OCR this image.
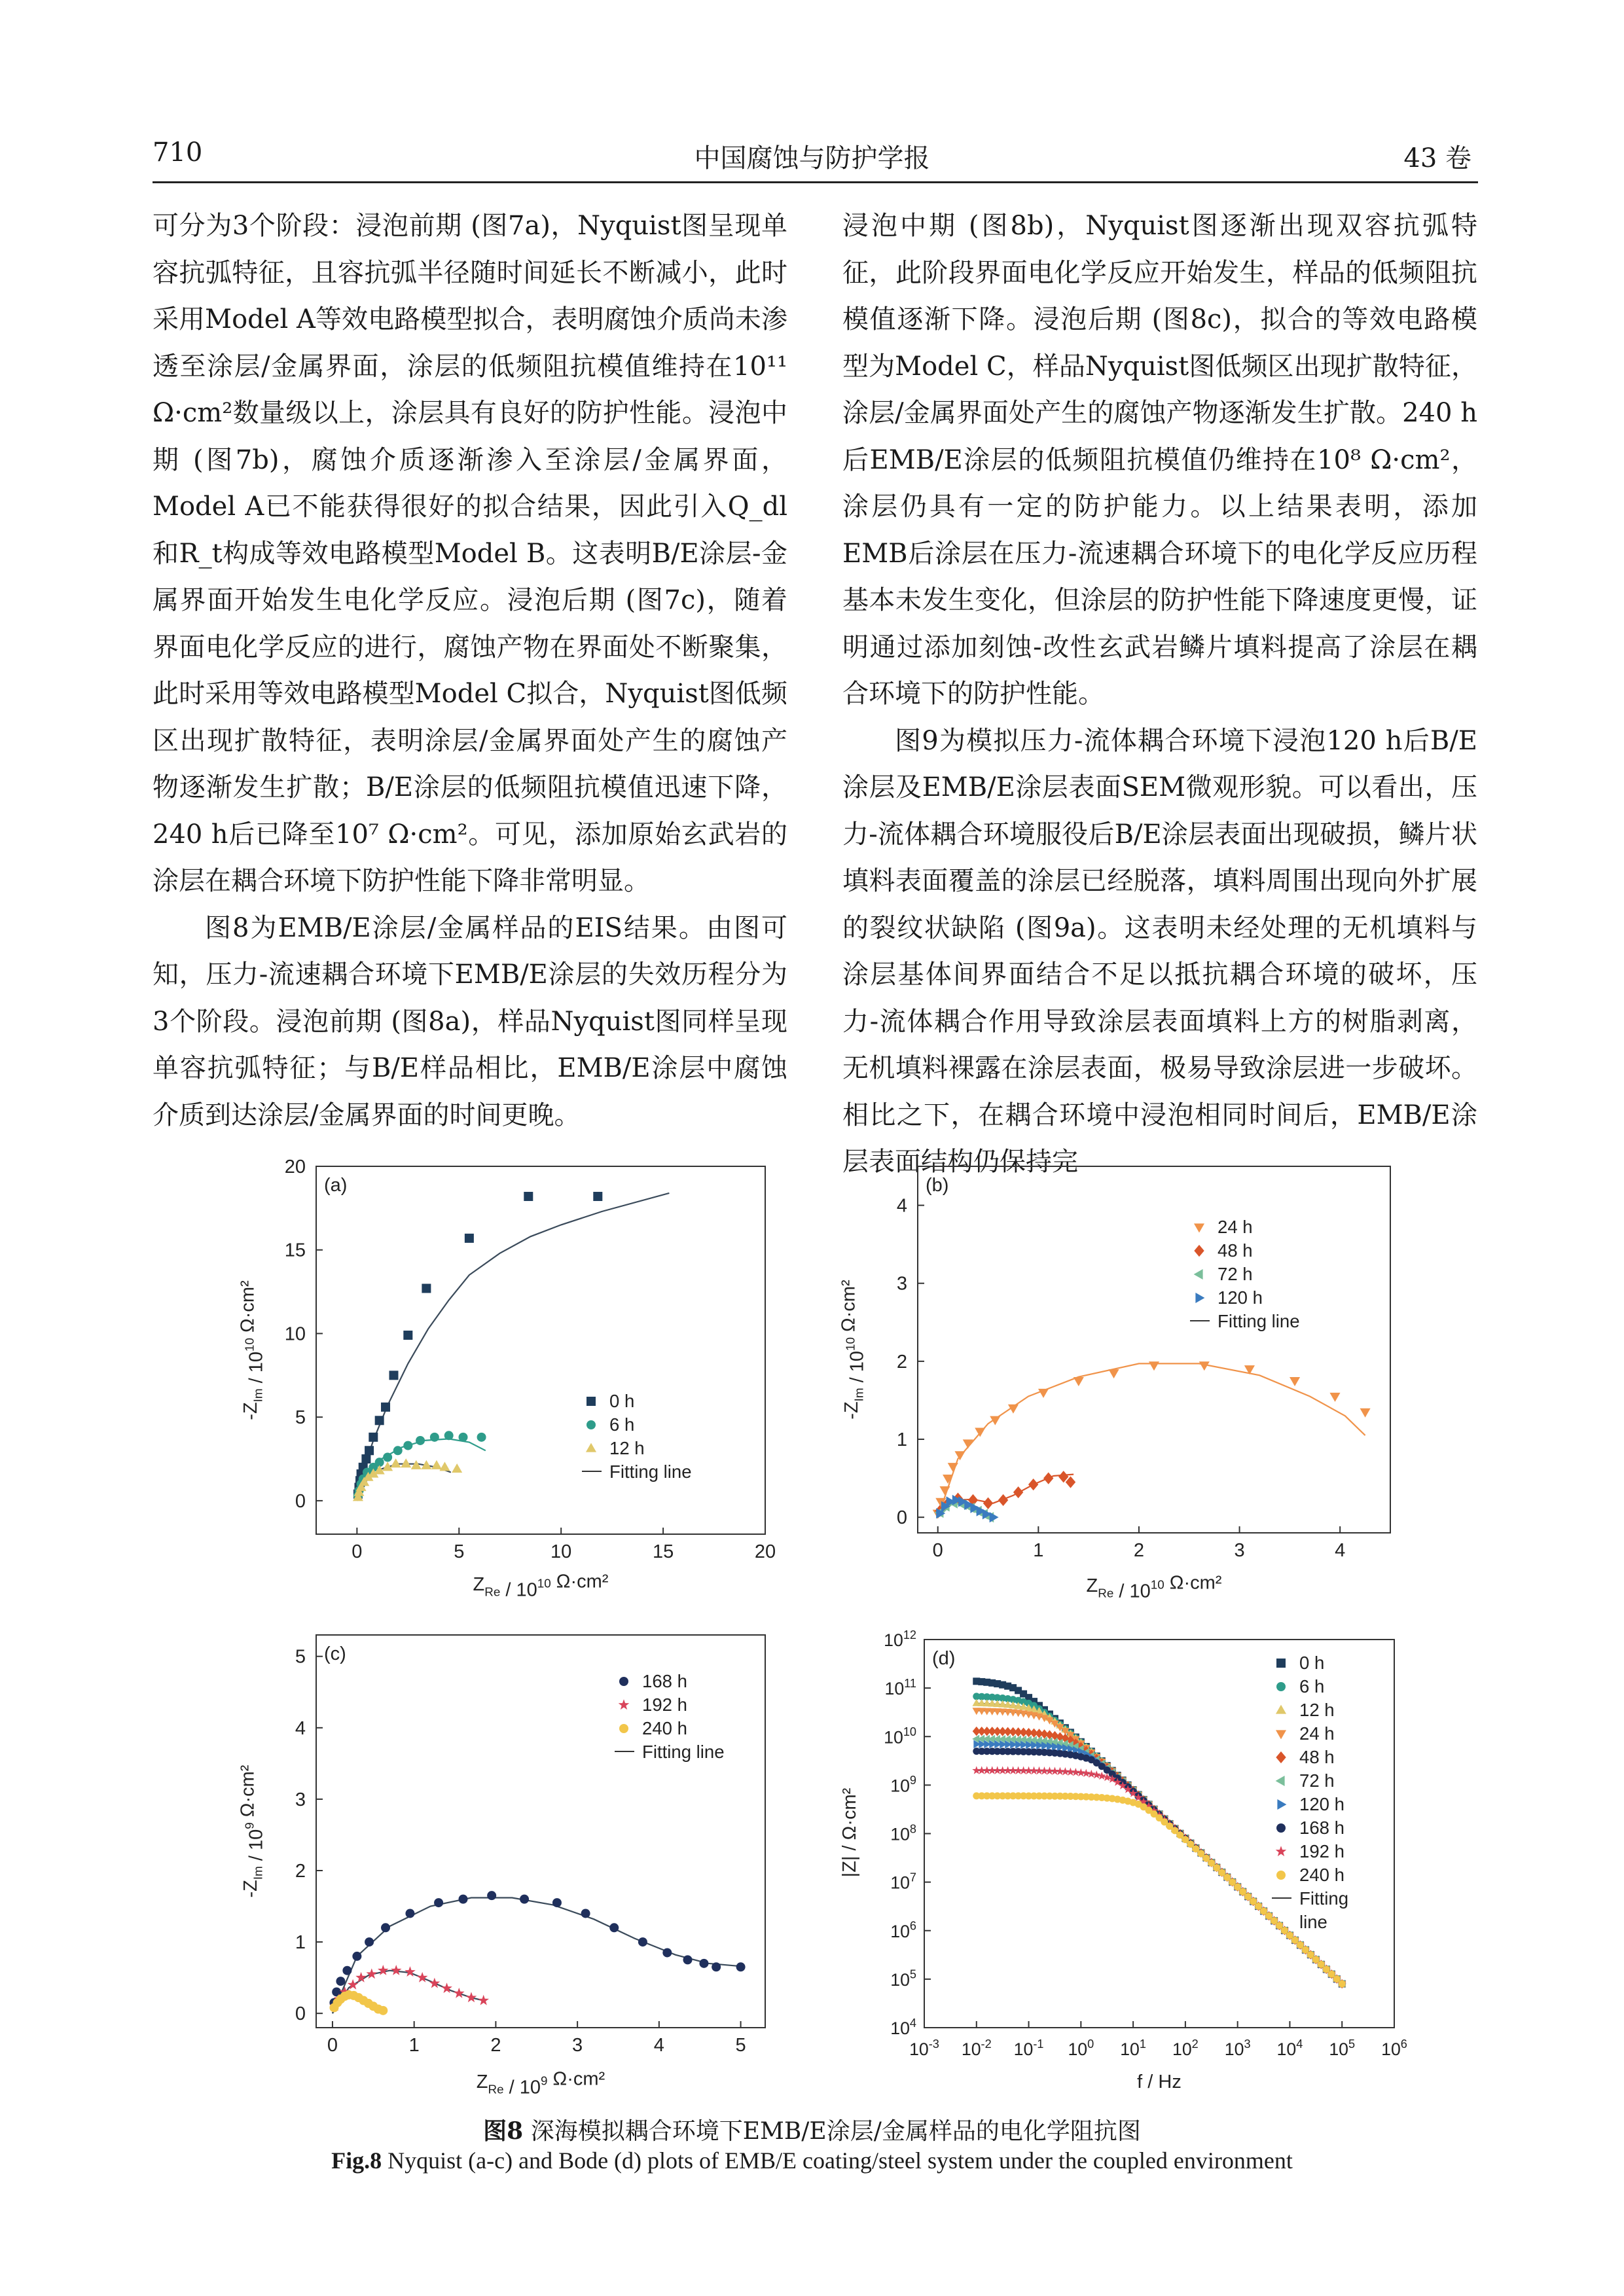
710	中国腐蚀与防护学报	43 卷

可分为3个阶段：浸泡前期 (图7a)，Nyquist图呈现单容抗弧特征，且容抗弧半径随时间延长不断减小，此时采用Model A等效电路模型拟合，表明腐蚀介质尚未渗透至涂层/金属界面，涂层的低频阻抗模值维持在10¹¹ Ω·cm²数量级以上，涂层具有良好的防护性能。浸泡中期 (图7b)，腐蚀介质逐渐渗入至涂层/金属界面，Model A已不能获得很好的拟合结果，因此引入Q_dl和R_t构成等效电路模型Model B。这表明B/E涂层-金属界面开始发生电化学反应。浸泡后期 (图7c)，随着界面电化学反应的进行，腐蚀产物在界面处不断聚集，此时采用等效电路模型Model C拟合，Nyquist图低频区出现扩散特征，表明涂层/金属界面处产生的腐蚀产物逐渐发生扩散；B/E涂层的低频阻抗模值迅速下降，240 h后已降至10⁷ Ω·cm²。可见，添加原始玄武岩的涂层在耦合环境下防护性能下降非常明显。

图8为EMB/E涂层/金属样品的EIS结果。由图可知，压力-流速耦合环境下EMB/E涂层的失效历程分为3个阶段。浸泡前期 (图8a)，样品Nyquist图同样呈现单容抗弧特征；与B/E样品相比，EMB/E涂层中腐蚀介质到达涂层/金属界面的时间更晚。

浸泡中期 (图8b)，Nyquist图逐渐出现双容抗弧特征，此阶段界面电化学反应开始发生，样品的低频阻抗模值逐渐下降。浸泡后期 (图8c)，拟合的等效电路模型为Model C，样品Nyquist图低频区出现扩散特征，涂层/金属界面处产生的腐蚀产物逐渐发生扩散。240 h后EMB/E涂层的低频阻抗模值仍维持在10⁸ Ω·cm²，涂层仍具有一定的防护能力。以上结果表明，添加EMB后涂层在压力-流速耦合环境下的电化学反应历程基本未发生变化，但涂层的防护性能下降速度更慢，证明通过添加刻蚀-改性玄武岩鳞片填料提高了涂层在耦合环境下的防护性能。

图9为模拟压力-流体耦合环境下浸泡120 h后B/E涂层及EMB/E涂层表面SEM微观形貌。可以看出，压力-流体耦合环境服役后B/E涂层表面出现破损，鳞片状填料表面覆盖的涂层已经脱落，填料周围出现向外扩展的裂纹状缺陷 (图9a)。这表明未经处理的无机填料与涂层基体间界面结合不足以抵抗耦合环境的破坏，压力-流体耦合作用导致涂层表面填料上方的树脂剥离，无机填料裸露在涂层表面，极易导致涂层进一步破坏。相比之下，在耦合环境中浸泡相同时间后，EMB/E涂层表面结构仍保持完

(a)
0	5	10	15	20
0
5
10
15
20
$Z_{Re} / 10^{10}$ Ω·cm²
$-Z_{Im} / 10^{10}$ Ω·cm²
0 h
6 h
12 h
Fitting line
(b)
0	1	2	3	4
0
1
2
3
4
$Z_{Re} / 10^{10}$ Ω·cm²
$-Z_{Im} / 10^{10}$ Ω·cm²
24 h
48 h
72 h
120 h
Fitting line
(c)
0	1	2	3	4	5
0
1
2
3
4
5
$Z_{Re} / 10^9$ Ω·cm²
$-Z_{Im} / 10^9$ Ω·cm²
168 h
192 h
240 h
Fitting line
(d)
$10^{-3}$ $10^{-2}$ $10^{-1}$ $10^0$ $10^1$ $10^2$ $10^3$ $10^4$ $10^5$ $10^6$
$10^4$
$10^5$
$10^6$
$10^7$
$10^8$
$10^9$
$10^{10}$
$10^{11}$
$10^{12}$
f / Hz
|Z| / Ω·cm²
0 h
6 h
12 h
24 h
48 h
72 h
120 h
168 h
192 h
240 h
Fitting line
图8 深海模拟耦合环境下EMB/E涂层/金属样品的电化学阻抗图
Fig.8 Nyquist (a-c) and Bode (d) plots of EMB/E coating/steel system under the coupled environment
